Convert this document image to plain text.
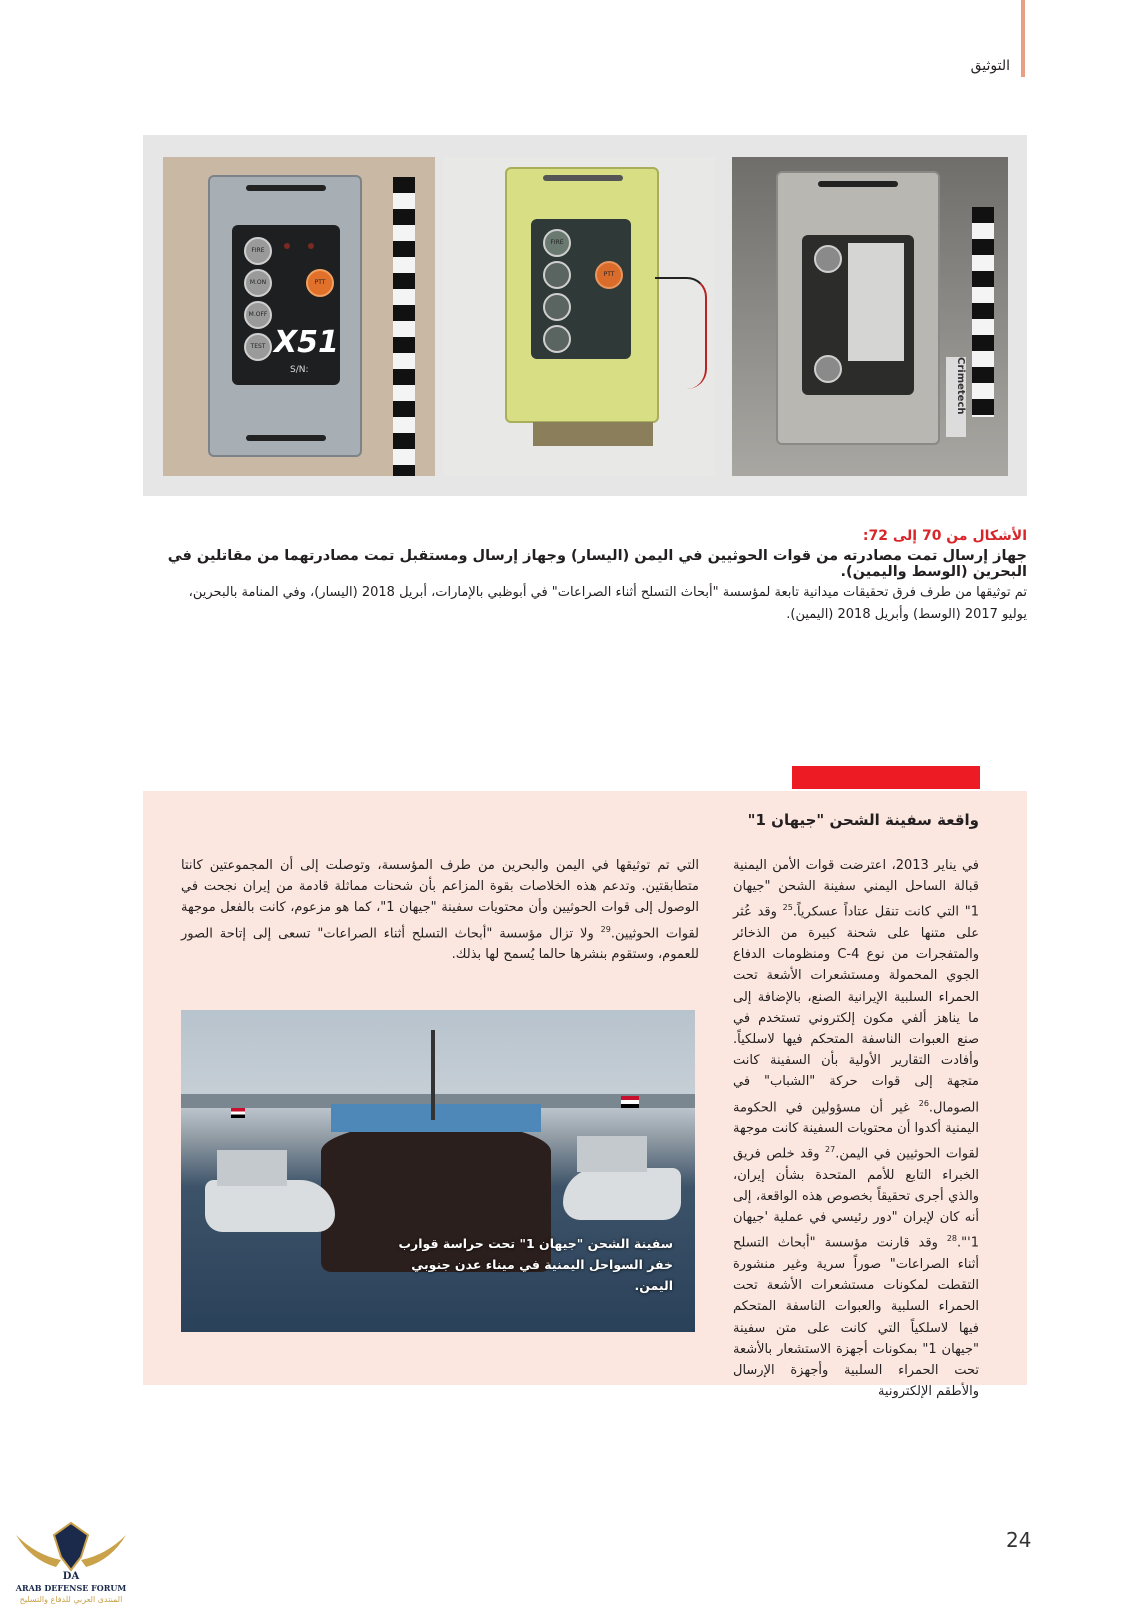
التوثيق
FIRE
M.ON
M.OFF
TEST
PTT
X51
S/N:
FIRE
PTT
Crimetech
الأشكال من 70 إلى 72:
جهاز إرسال تمت مصادرته من قوات الحوثيين في اليمن (اليسار) وجهاز إرسال ومستقبل تمت مصادرتهما من مقاتلين في البحرين (الوسط واليمين).
تم توثيقها من طرف فرق تحقيقات ميدانية تابعة لمؤسسة "أبحاث التسلح أثناء الصراعات" في أبوظبي بالإمارات، أبريل 2018 (اليسار)، وفي المنامة بالبحرين، يوليو 2017 (الوسط) وأبريل 2018 (اليمين).
واقعة سفينة الشحن "جيهان 1"
في يناير 2013، اعترضت قوات الأمن اليمنية قبالة الساحل اليمني سفينة الشحن "جيهان 1" التي كانت تنقل عتاداً عسكرياً.$^{25}$ وقد عُثر على متنها على شحنة كبيرة من الذخائر والمتفجرات من نوع C-4 ومنظومات الدفاع الجوي المحمولة ومستشعرات الأشعة تحت الحمراء السلبية الإيرانية الصنع، بالإضافة إلى ما يناهز ألفي مكون إلكتروني تستخدم في صنع العبوات الناسفة المتحكم فيها لاسلكياً. وأفادت التقارير الأولية بأن السفينة كانت متجهة إلى قوات حركة "الشباب" في الصومال.$^{26}$ غير أن مسؤولين في الحكومة اليمنية أكدوا أن محتويات السفينة كانت موجهة لقوات الحوثيين في اليمن.$^{27}$ وقد خلص فريق الخبراء التابع للأمم المتحدة بشأن إيران، والذي أجرى تحقيقاً بخصوص هذه الواقعة، إلى أنه كان لإيران "دور رئيسي في عملية 'جيهان 1'".$^{28}$ وقد قارنت مؤسسة "أبحاث التسلح أثناء الصراعات" صوراً سرية وغير منشورة التقطت لمكونات مستشعرات الأشعة تحت الحمراء السلبية والعبوات الناسفة المتحكم فيها لاسلكياً التي كانت على متن سفينة "جيهان 1" بمكونات أجهزة الاستشعار بالأشعة تحت الحمراء السلبية وأجهزة الإرسال والأطقم الإلكترونية
التي تم توثيقها في اليمن والبحرين من طرف المؤسسة، وتوصلت إلى أن المجموعتين كانتا متطابقتين. وتدعم هذه الخلاصات بقوة المزاعم بأن شحنات مماثلة قادمة من إيران نجحت في الوصول إلى قوات الحوثيين وأن محتويات سفينة "جيهان 1"، كما هو مزعوم، كانت بالفعل موجهة لقوات الحوثيين.$^{29}$ ولا تزال مؤسسة "أبحاث التسلح أثناء الصراعات" تسعى إلى إتاحة الصور للعموم، وستقوم بنشرها حالما يُسمح لها بذلك.
سفينة الشحن "جيهان 1" تحت حراسة قوارب خفر السواحل اليمنية في ميناء عدن جنوبي اليمن.
24
DA
ARAB DEFENSE FORUM
المنتدى العربي للدفاع والتسليح
